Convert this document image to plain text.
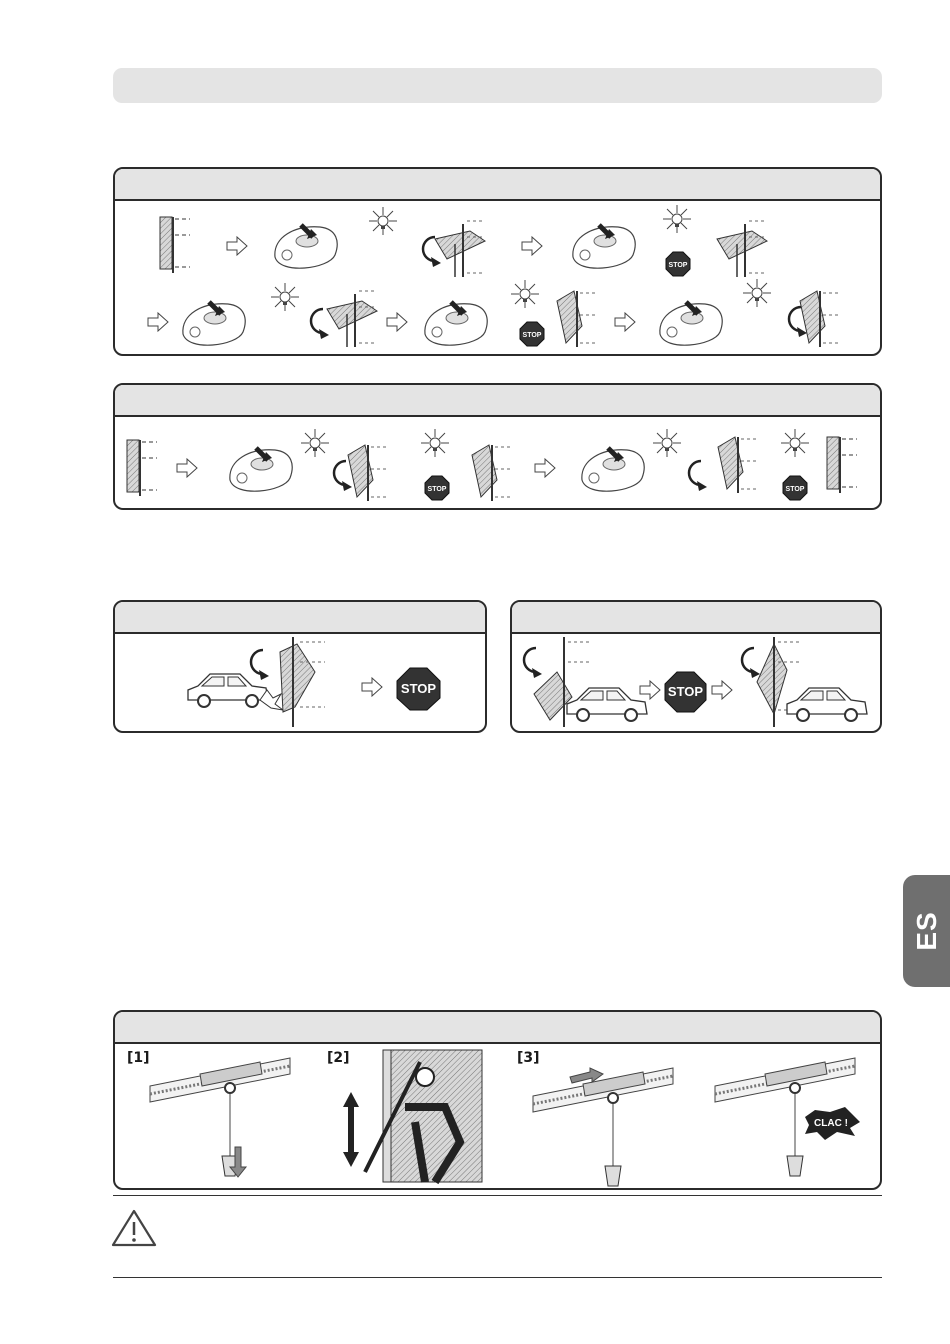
STOP
STOP
STOP	STOP
STOP	STOP
ES
[1]	[2]	[3]
CLAC !
